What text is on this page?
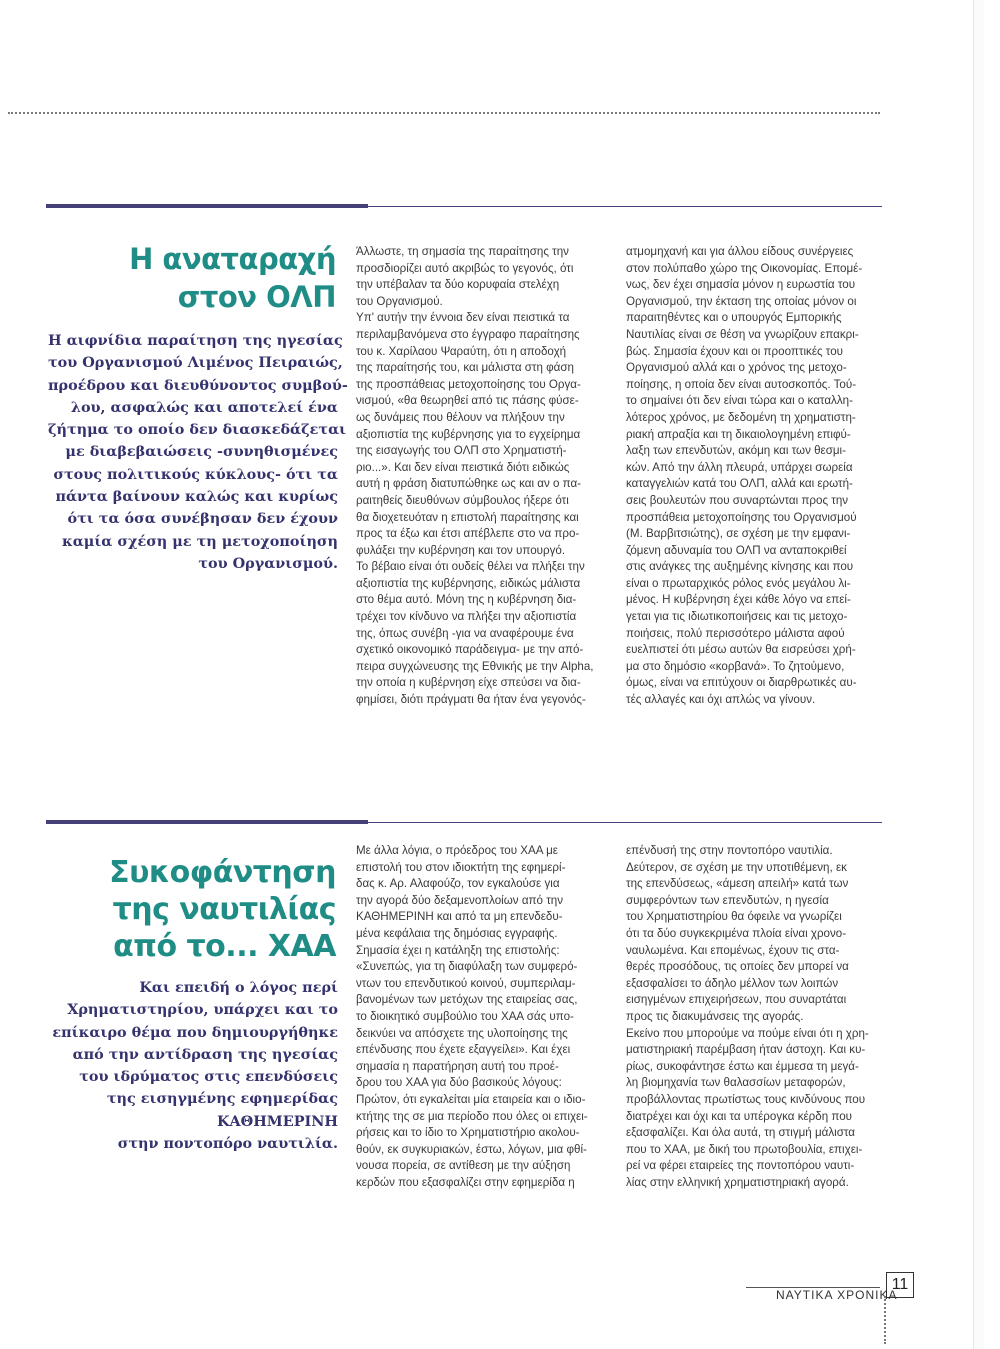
Η αναταραχή
στον ΟΛΠ
Η αιφνίδια παραίτηση της ηγεσίας
του Οργανισμού Λιμένος Πειραιώς,
προέδρου και διευθύνοντος συμβού-
λου, ασφαλώς και αποτελεί ένα
ζήτημα το οποίο δεν διασκεδάζεται
με διαβεβαιώσεις -συνηθισμένες
στους πολιτικούς κύκλους- ότι τα
πάντα βαίνουν καλώς και κυρίως
ότι τα όσα συνέβησαν δεν έχουν
καμία σχέση με τη μετοχοποίηση
του Οργανισμού.
Άλλωστε, τη σημασία της παραίτησης την
προσδιορίζει αυτό ακριβώς το γεγονός, ότι
την υπέβαλαν τα δύο κορυφαία στελέχη
του Οργανισμού.
Υπ' αυτήν την έννοια δεν είναι πειστικά τα
περιλαμβανόμενα στο έγγραφο παραίτησης
του κ. Χαρίλαου Ψαραύτη, ότι η αποδοχή
της παραίτησής του, και μάλιστα στη φάση
της προσπάθειας μετοχοποίησης του Οργα-
νισμού, «θα θεωρηθεί από τις πάσης φύσε-
ως δυνάμεις που θέλουν να πλήξουν την
αξιοπιστία της κυβέρνησης για το εγχείρημα
της εισαγωγής του ΟΛΠ στο Χρηματιστή-
ριο...». Και δεν είναι πειστικά διότι ειδικώς
αυτή η φράση διατυπώθηκε ως και αν ο πα-
ραιτηθείς διευθύνων σύμβουλος ήξερε ότι
θα διοχετευόταν η επιστολή παραίτησης και
προς τα έξω και έτσι απέβλεπε στο να προ-
φυλάξει την κυβέρνηση και τον υπουργό.
Το βέβαιο είναι ότι ουδείς θέλει να πλήξει την
αξιοπιστία της κυβέρνησης, ειδικώς μάλιστα
στο θέμα αυτό. Μόνη της η κυβέρνηση δια-
τρέχει τον κίνδυνο να πλήξει την αξιοπιστία
της, όπως συνέβη -για να αναφέρουμε ένα
σχετικό οικονομικό παράδειγμα- με την από-
πειρα συγχώνευσης της Εθνικής με την Alpha,
την οποία η κυβέρνηση είχε σπεύσει να δια-
φημίσει, διότι πράγματι θα ήταν ένα γεγονός-
ατμομηχανή και για άλλου είδους συνέργειες
στον πολύπαθο χώρο της Οικονομίας. Επομέ-
νως, δεν έχει σημασία μόνον η ευρωστία του
Οργανισμού, την έκταση της οποίας μόνον οι
παραιτηθέντες και ο υπουργός Εμπορικής
Ναυτιλίας είναι σε θέση να γνωρίζουν επακρι-
βώς. Σημασία έχουν και οι προοπτικές του
Οργανισμού αλλά και ο χρόνος της μετοχο-
ποίησης, η οποία δεν είναι αυτοσκοπός. Τού-
το σημαίνει ότι δεν είναι τώρα και ο καταλλη-
λότερος χρόνος, με δεδομένη τη χρηματιστη-
ριακή απραξία και τη δικαιολογημένη επιφύ-
λαξη των επενδυτών, ακόμη και των θεσμι-
κών. Από την άλλη πλευρά, υπάρχει σωρεία
καταγγελιών κατά του ΟΛΠ, αλλά και ερωτή-
σεις βουλευτών που συναρτώνται προς την
προσπάθεια μετοχοποίησης του Οργανισμού
(Μ. Βαρβιτσιώτης), σε σχέση με την εμφανι-
ζόμενη αδυναμία του ΟΛΠ να ανταποκριθεί
στις ανάγκες της αυξημένης κίνησης και που
είναι ο πρωταρχικός ρόλος ενός μεγάλου λι-
μένος. Η κυβέρνηση έχει κάθε λόγο να επεί-
γεται για τις ιδιωτικοποιήσεις και τις μετοχο-
ποιήσεις, πολύ περισσότερο μάλιστα αφού
ευελπιστεί ότι μέσω αυτών θα εισρεύσει χρή-
μα στο δημόσιο «κορβανά». Το ζητούμενο,
όμως, είναι να επιτύχουν οι διαρθρωτικές αυ-
τές αλλαγές και όχι απλώς να γίνουν.
Συκοφάντηση
της ναυτιλίας
από το... ΧΑΑ
Και επειδή ο λόγος περί
Χρηματιστηρίου, υπάρχει και το
επίκαιρο θέμα που δημιουργήθηκε
από την αντίδραση της ηγεσίας
του ιδρύματος στις επενδύσεις
της εισηγμένης εφημερίδας
ΚΑΘΗΜΕΡΙΝΗ
στην ποντοπόρο ναυτιλία.
Με άλλα λόγια, ο πρόεδρος του ΧΑΑ με
επιστολή του στον ιδιοκτήτη της εφημερί-
δας κ. Αρ. Αλαφούζο, τον εγκαλούσε για
την αγορά δύο δεξαμενοπλοίων από την
ΚΑΘΗΜΕΡΙΝΗ και από τα μη επενδεδυ-
μένα κεφάλαια της δημόσιας εγγραφής.
Σημασία έχει η κατάληξη της επιστολής:
«Συνεπώς, για τη διαφύλαξη των συμφερό-
ντων του επενδυτικού κοινού, συμπεριλαμ-
βανομένων των μετόχων της εταιρείας σας,
το διοικητικό συμβούλιο του ΧΑΑ σάς υπο-
δεικνύει να απόσχετε της υλοποίησης της
επένδυσης που έχετε εξαγγείλει». Και έχει
σημασία η παρατήρηση αυτή του προέ-
δρου του ΧΑΑ για δύο βασικούς λόγους:
Πρώτον, ότι εγκαλείται μία εταιρεία και ο ιδιο-
κτήτης της σε μια περίοδο που όλες οι επιχει-
ρήσεις και το ίδιο το Χρηματιστήριο ακολου-
θούν, εκ συγκυριακών, έστω, λόγων, μια φθί-
νουσα πορεία, σε αντίθεση με την αύξηση
κερδών που εξασφαλίζει στην εφημερίδα η
επένδυσή της στην ποντοπόρο ναυτιλία.
Δεύτερον, σε σχέση με την υποτιθέμενη, εκ
της επενδύσεως, «άμεση απειλή» κατά των
συμφερόντων των επενδυτών, η ηγεσία
του Χρηματιστηρίου θα όφειλε να γνωρίζει
ότι τα δύο συγκεκριμένα πλοία είναι χρονο-
ναυλωμένα. Και επομένως, έχουν τις στα-
θερές προσόδους, τις οποίες δεν μπορεί να
εξασφαλίσει το άδηλο μέλλον των λοιπών
εισηγμένων επιχειρήσεων, που συναρτάται
προς τις διακυμάνσεις της αγοράς.
Εκείνο που μπορούμε να πούμε είναι ότι η χρη-
ματιστηριακή παρέμβαση ήταν άστοχη. Και κυ-
ρίως, συκοφάντησε έστω και έμμεσα τη μεγά-
λη βιομηχανία των θαλασσίων μεταφορών,
προβάλλοντας πρωτίστως τους κινδύνους που
διατρέχει και όχι και τα υπέρογκα κέρδη που
εξασφαλίζει. Και όλα αυτά, τη στιγμή μάλιστα
που το ΧΑΑ, με δική του πρωτοβουλία, επιχει-
ρεί να φέρει εταιρείες της ποντοπόρου ναυτι-
λίας στην ελληνική χρηματιστηριακή αγορά.
ΝΑΥΤΙΚΑ ΧΡΟΝΙΚΑ
11
